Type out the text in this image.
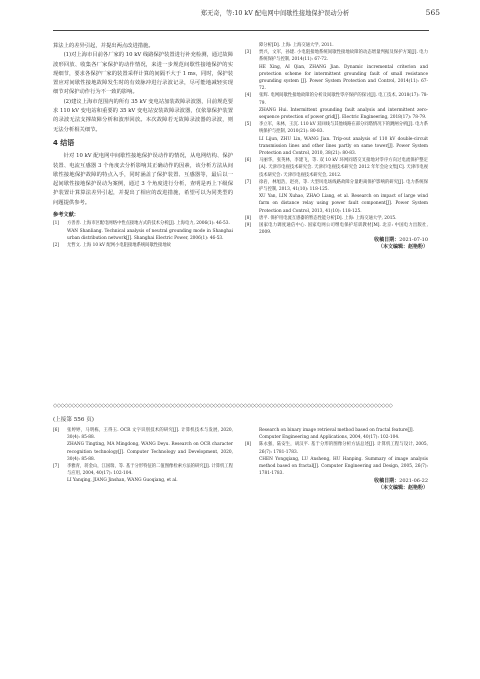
郑无奇，等:10 kV 配电网中间歇性接地保护误动分析	565

算法上的差异引起，并提出两点改进措施。

(1)对上海市目前各厂家的 10 kV 线路保护装置进行补充检测，通过故障波形回放、收集各厂家保护的动作情况，来进一步规范间歇性接地保护的实现细节，要求各保护厂家的装置采样计算的间隔不大于 1 ms，同时，保护装置应对间歇性接地故障发生时的有效脉冲进行录波记录，尽可能地减轻实现细节对保护动作行为不一致的影响。

(2)建议上海市范围内的所有 35 kV 变电站加装故障录波器，目前规范要求 110 kV 变电站和重要的 35 kV 变电站安装故障录波器，仅依靠保护装置的录波无法支撑故障分析和波形回放。本次故障若无故障录波器的录波，则无法分析相关细节。

4 结语

针对 10 kV 配电网中间歇性接地保护误动作的情况，从电网结构、保护装置、电流互感器 3 个角度去分析影响其正确动作的因素，该分析方法从间歇性接地保护故障的特点入手，同时涵盖了保护装置、互感器等，最后以一起间歇性接地保护误动为案例，通过 3 个角度进行分析，查明是再上下级保护装置计算算法差异引起，并提出了相应的改进措施，希望可以为同类型的问题提供参考。

参考文献：

[1] 方善善. 上海市区配电网络中性点接地方式的技术分析[J]. 上海电力, 2006(1): 46-53.
WAN Shanliang. Technical analysis of neutral grounding mode in Shanghai urban distribution network[J]. Shanghai Electric Power, 2006(1): 46-53.

[2] 尤哲文. 上海 10 kV 配网小电阻接地系统间歇性接地故

障分析[D]. 上海: 上海交通大学, 2011.

[3] 贾兴，文军，孙建. 小电阻接地系统间歇性接地故障的动态增量判据及保护方案[J]. 电力系统保护与控制, 2014(11): 67-72.
HE Xing, AI Qian, ZHANG Jian. Dynamic incremental criterion and protection scheme for intermittent grounding fault of small resistance grounding system [J]. Power System Protection and Control, 2014(11): 67-72.

[4] 张辉. 电网间歇性接地故障的分析及间歇性零序保护的探讨[J]. 电工技术, 2018(17): 78-79.
ZHANG Hui. Intermittent grounding fault analysis and intermittent zero-sequence protection of power grid[J]. Electric Engineering, 2018(17): 78-79.

[5] 李立军，朱林，王沉. 110 kV 双回线与其他线路在部分同塔情况下的跳闸分析[J]. 电力系统保护与控制, 2010(21): 80-83.
LI Lijun, ZHU Lin, WANG Jian. Trip-out analysis of 110 kV double-circuit transmission lines and other lines partly on same tower[J]. Power System Protection and Control, 2010, 38(21): 80-83.

[6] 马丽华，张英林，李建飞，等. 双 10 kV 环网同塔交叉接地对零序方向过电流保护整定[A]. 天津市电视技术研究会. 天津市电视技术研究会 2012 年年会论文集[C]. 天津市电视技术研究会: 天津市电视技术研究会, 2012.

[7] 徐岩，林旭浩，赵亮，等. 大型风电场线路故障分量距离保护影响的研究[J]. 电力系统保护与控制, 2013, 41(10): 118-125.
XU Yan, LIN Xuhao, ZHAO Liang, et al. Research on impact of large wind farm on distance relay using power fault component[J]. Power System Protection and Control, 2013, 41(10): 118-125.

[8] 唐平. 保护用电流互感器的暂态性能分析[D]. 上海: 上海交通大学, 2015.

[9] 国家电力调度通信中心. 国家电网公司继电保护培训教材[M]. 北京: 中国电力出版社, 2009.

收稿日期：2021-07-10
（本文编辑：赵艳粉）
◇◇◇◇◇◇◇◇◇◇◇◇◇◇◇◇◇◇◇◇◇◇◇◇◇◇◇◇◇◇◇◇◇◇◇◇◇◇◇◇◇◇◇◇◇◇◇◇◇◇◇◇◇◇◇◇◇◇◇◇◇◇◇◇◇◇◇◇◇◇◇◇◇◇◇◇◇◇◇◇◇◇◇◇◇◇◇◇◇◇◇
(上接第 556 页)

[6] 张婷婷，马明栋，王得玉. OCR 文字识别技术的研究[J]. 计算机技术与发展, 2020, 30(4): 85-88.
ZHANG Tingting, MA Mingdong, WANG Deyu. Research on OCR character recognition technology[J]. Computer Technology and Development, 2020, 30(4): 85-88.

[7] 李雅青，蒋金山，江国瑞，等. 基于分形特征的二值图像检索方法的研究[J]. 计算机工程与应用, 2004, 40(17): 102-104.
LI Yanqing, JIANG Jinshan, WANG Guoqiang, et al.

Research on binary image retrieval method based on fractal feature[J]. Computer Engineering and Applications, 2004, 40(17): 102-104.

[8] 陈永强，陆安生，胡汉平. 基于分形的图像分析方法总述[J]. 计算机工程与设计, 2005, 26(7): 1781-1783.
CHEN Yongqiang, LU Ansheng, HU Hanping. Summary of image analysis method based on fractal[J]. Computer Engineering and Design, 2005, 26(7): 1781-1783.

收稿日期：2021-06-22
（本文编辑：赵艳粉）
